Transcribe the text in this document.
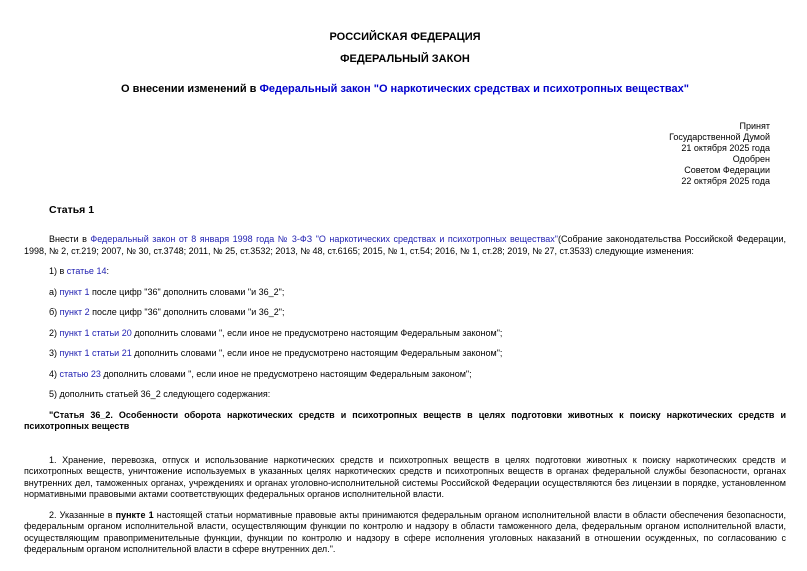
РОССИЙСКАЯ ФЕДЕРАЦИЯ
ФЕДЕРАЛЬНЫЙ ЗАКОН
О внесении изменений в Федеральный закон "О наркотических средствах и психотропных веществах"
Принят
Государственной Думой
21 октября 2025 года
Одобрен
Советом Федерации
22 октября 2025 года
Статья 1

Внести в Федеральный закон от 8 января 1998 года № 3-ФЗ "О наркотических средствах и психотропных веществах"(Собрание законодательства Российской Федерации, 1998, № 2, ст.219; 2007, № 30, ст.3748; 2011, № 25, ст.3532; 2013, № 48, ст.6165; 2015, № 1, ст.54; 2016, № 1, ст.28; 2019, № 27, ст.3533) следующие изменения:

1) в статье 14:

а) пункт 1 после цифр "36" дополнить словами "и 36_2";

б) пункт 2 после цифр "36" дополнить словами "и 36_2";

2) пункт 1 статьи 20 дополнить словами ", если иное не предусмотрено настоящим Федеральным законом";

3) пункт 1 статьи 21 дополнить словами ", если иное не предусмотрено настоящим Федеральным законом";

4) статью 23 дополнить словами ", если иное не предусмотрено настоящим Федеральным законом";

5) дополнить статьей 36_2 следующего содержания:

"Статья 36_2. Особенности оборота наркотических средств и психотропных веществ в целях подготовки животных к поиску наркотических средств и психотропных веществ

1. Хранение, перевозка, отпуск и использование наркотических средств и психотропных веществ в целях подготовки животных к поиску наркотических средств и психотропных веществ, уничтожение используемых в указанных целях наркотических средств и психотропных веществ в органах федеральной службы безопасности, органах внутренних дел, таможенных органах, учреждениях и органах уголовно-исполнительной системы Российской Федерации осуществляются без лицензии в порядке, установленном нормативными правовыми актами соответствующих федеральных органов исполнительной власти.

2. Указанные в пункте 1 настоящей статьи нормативные правовые акты принимаются федеральным органом исполнительной власти в области обеспечения безопасности, федеральным органом исполнительной власти, осуществляющим функции по контролю и надзору в области таможенного дела, федеральным органом исполнительной власти, осуществляющим правоприменительные функции, функции по контролю и надзору в сфере исполнения уголовных наказаний в отношении осужденных, по согласованию с федеральным органом исполнительной власти в сфере внутренних дел.".
